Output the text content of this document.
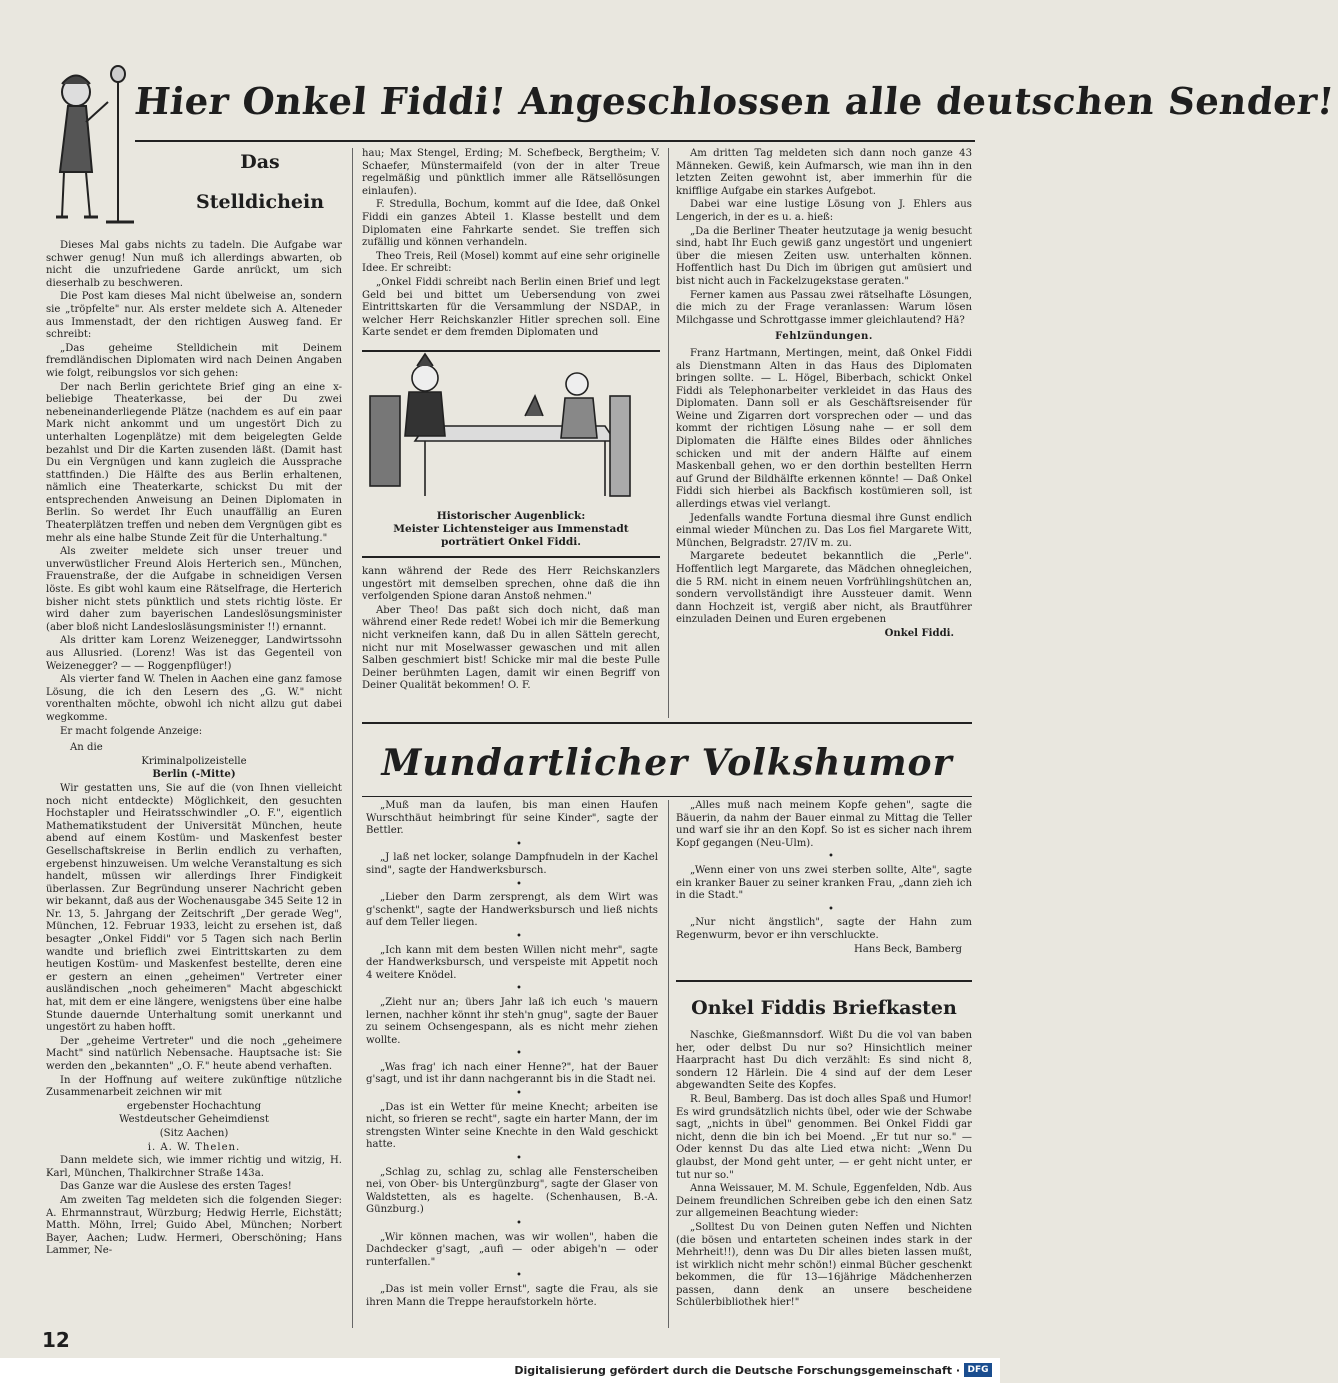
Hier Onkel Fiddi! Angeschlossen alle deutschen Sender!
Das
Stelldichein

Dieses Mal gabs nichts zu tadeln. Die Aufgabe war schwer genug! Nun muß ich allerdings abwarten, ob nicht die unzufriedene Garde anrückt, um sich dieserhalb zu beschweren.

Die Post kam dieses Mal nicht übelweise an, sondern sie „tröpfelte" nur. Als erster meldete sich A. Alteneder aus Immenstadt, der den richtigen Ausweg fand. Er schreibt:

„Das geheime Stelldichein mit Deinem fremdländischen Diplomaten wird nach Deinen Angaben wie folgt, reibungslos vor sich gehen:

Der nach Berlin gerichtete Brief ging an eine x-beliebige Theaterkasse, bei der Du zwei nebeneinanderliegende Plätze (nachdem es auf ein paar Mark nicht ankommt und um ungestört Dich zu unterhalten Logenplätze) mit dem beigelegten Gelde bezahlst und Dir die Karten zusenden läßt. (Damit hast Du ein Vergnügen und kann zugleich die Aussprache stattfinden.) Die Hälfte des aus Berlin erhaltenen, nämlich eine Theaterkarte, schickst Du mit der entsprechenden Anweisung an Deinen Diplomaten in Berlin. So werdet Ihr Euch unauffällig an Euren Theaterplätzen treffen und neben dem Vergnügen gibt es mehr als eine halbe Stunde Zeit für die Unterhaltung."

Als zweiter meldete sich unser treuer und unverwüstlicher Freund Alois Herterich sen., München, Frauenstraße, der die Aufgabe in schneidigen Versen löste. Es gibt wohl kaum eine Rätselfrage, die Herterich bisher nicht stets pünktlich und stets richtig löste. Er wird daher zum bayerischen Landeslösungsminister (aber bloß nicht Landeslosläsungsminister !!) ernannt.

Als dritter kam Lorenz Weizenegger, Landwirtssohn aus Allusried. (Lorenz! Was ist das Gegenteil von Weizenegger? — — Roggenpflüger!)

Als vierter fand W. Thelen in Aachen eine ganz famose Lösung, die ich den Lesern des „G. W." nicht vorenthalten möchte, obwohl ich nicht allzu gut dabei wegkomme.

Er macht folgende Anzeige:

An die

Kriminalpolizeistelle

Berlin (-Mitte)

Wir gestatten uns, Sie auf die (von Ihnen vielleicht noch nicht entdeckte) Möglichkeit, den gesuchten Hochstapler und Heiratsschwindler „O. F.", eigentlich Mathematikstudent der Universität München, heute abend auf einem Kostüm- und Maskenfest bester Gesellschaftskreise in Berlin endlich zu verhaften, ergebenst hinzuweisen. Um welche Veranstaltung es sich handelt, müssen wir allerdings Ihrer Findigkeit überlassen. Zur Begründung unserer Nachricht geben wir bekannt, daß aus der Wochenausgabe 345 Seite 12 in Nr. 13, 5. Jahrgang der Zeitschrift „Der gerade Weg", München, 12. Februar 1933, leicht zu ersehen ist, daß besagter „Onkel Fiddi" vor 5 Tagen sich nach Berlin wandte und brieflich zwei Eintrittskarten zu dem heutigen Kostüm- und Maskenfest bestellte, deren eine er gestern an einen „geheimen" Vertreter einer ausländischen „noch geheimeren" Macht abgeschickt hat, mit dem er eine längere, wenigstens über eine halbe Stunde dauernde Unterhaltung somit unerkannt und ungestört zu haben hofft.

Der „geheime Vertreter" und die noch „geheimere Macht" sind natürlich Nebensache. Hauptsache ist: Sie werden den „bekannten" „O. F." heute abend verhaften.

In der Hoffnung auf weitere zukünftige nützliche Zusammenarbeit zeichnen wir mit

ergebenster Hochachtung

Westdeutscher Geheimdienst

(Sitz Aachen)

i. A. W. Thelen.

Dann meldete sich, wie immer richtig und witzig, H. Karl, München, Thalkirchner Straße 143a.

Das Ganze war die Auslese des ersten Tages!

Am zweiten Tag meldeten sich die folgenden Sieger: A. Ehrmannstraut, Würzburg; Hedwig Herrle, Eichstätt; Matth. Möhn, Irrel; Guido Abel, München; Norbert Bayer, Aachen; Ludw. Hermeri, Oberschöning; Hans Lammer, Ne-

hau; Max Stengel, Erding; M. Schefbeck, Bergtheim; V. Schaefer, Münstermaifeld (von der in alter Treue regelmäßig und pünktlich immer alle Rätsellösungen einlaufen).

F. Stredulla, Bochum, kommt auf die Idee, daß Onkel Fiddi ein ganzes Abteil 1. Klasse bestellt und dem Diplomaten eine Fahrkarte sendet. Sie treffen sich zufällig und können verhandeln.

Theo Treis, Reil (Mosel) kommt auf eine sehr originelle Idee. Er schreibt:

„Onkel Fiddi schreibt nach Berlin einen Brief und legt Geld bei und bittet um Uebersendung von zwei Eintrittskarten für die Versammlung der NSDAP., in welcher Herr Reichskanzler Hitler sprechen soll. Eine Karte sendet er dem fremden Diplomaten und

Historischer Augenblick:
Meister Lichtensteiger aus Immenstadt porträtiert Onkel Fiddi.

kann während der Rede des Herr Reichskanzlers ungestört mit demselben sprechen, ohne daß die ihn verfolgenden Spione daran Anstoß nehmen."

Aber Theo! Das paßt sich doch nicht, daß man während einer Rede redet! Wobei ich mir die Bemerkung nicht verkneifen kann, daß Du in allen Sätteln gerecht, nicht nur mit Moselwasser gewaschen und mit allen Salben geschmiert bist! Schicke mir mal die beste Pulle Deiner berühmten Lagen, damit wir einen Begriff von Deiner Qualität bekommen! O. F.

Am dritten Tag meldeten sich dann noch ganze 43 Männeken. Gewiß, kein Aufmarsch, wie man ihn in den letzten Zeiten gewohnt ist, aber immerhin für die knifflige Aufgabe ein starkes Aufgebot.

Dabei war eine lustige Lösung von J. Ehlers aus Lengerich, in der es u. a. hieß:

„Da die Berliner Theater heutzutage ja wenig besucht sind, habt Ihr Euch gewiß ganz ungestört und ungeniert über die miesen Zeiten usw. unterhalten können. Hoffentlich hast Du Dich im übrigen gut amüsiert und bist nicht auch in Fackelzugekstase geraten."

Ferner kamen aus Passau zwei rätselhafte Lösungen, die mich zu der Frage veranlassen: Warum lösen Milchgasse und Schrottgasse immer gleichlautend? Hä?

Fehlzündungen.

Franz Hartmann, Mertingen, meint, daß Onkel Fiddi als Dienstmann Alten in das Haus des Diplomaten bringen sollte. — L. Högel, Biberbach, schickt Onkel Fiddi als Telephonarbeiter verkleidet in das Haus des Diplomaten. Dann soll er als Geschäftsreisender für Weine und Zigarren dort vorsprechen oder — und das kommt der richtigen Lösung nahe — er soll dem Diplomaten die Hälfte eines Bildes oder ähnliches schicken und mit der andern Hälfte auf einem Maskenball gehen, wo er den dorthin bestellten Herrn auf Grund der Bildhälfte erkennen könnte! — Daß Onkel Fiddi sich hierbei als Backfisch kostümieren soll, ist allerdings etwas viel verlangt.

Jedenfalls wandte Fortuna diesmal ihre Gunst endlich einmal wieder München zu. Das Los fiel Margarete Witt, München, Belgradstr. 27/IV m. zu.

Margarete bedeutet bekanntlich die „Perle". Hoffentlich legt Margarete, das Mädchen ohnegleichen, die 5 RM. nicht in einem neuen Vorfrühlingshütchen an, sondern vervollständigt ihre Aussteuer damit. Wenn dann Hochzeit ist, vergiß aber nicht, als Brautführer einzuladen Deinen und Euren ergebenen

Onkel Fiddi.

Mundartlicher Volkshumor

„Muß man da laufen, bis man einen Haufen Wurschthäut heimbringt für seine Kinder", sagte der Bettler.

•

„J laß net locker, solange Dampfnudeln in der Kachel sind", sagte der Handwerksbursch.

•

„Lieber den Darm zersprengt, als dem Wirt was g'schenkt", sagte der Handwerksbursch und ließ nichts auf dem Teller liegen.

•

„Ich kann mit dem besten Willen nicht mehr", sagte der Handwerksbursch, und verspeiste mit Appetit noch 4 weitere Knödel.

•

„Zieht nur an; übers Jahr laß ich euch 's mauern lernen, nachher könnt ihr steh'n gnug", sagte der Bauer zu seinem Ochsengespann, als es nicht mehr ziehen wollte.

•

„Was frag' ich nach einer Henne?", hat der Bauer g'sagt, und ist ihr dann nachgerannt bis in die Stadt nei.

•

„Das ist ein Wetter für meine Knecht; arbeiten ise nicht, so frieren se recht", sagte ein harter Mann, der im strengsten Winter seine Knechte in den Wald geschickt hatte.

•

„Schlag zu, schlag zu, schlag alle Fensterscheiben nei, von Ober- bis Untergünzburg", sagte der Glaser von Waldstetten, als es hagelte. (Schenhausen, B.-A. Günzburg.)

•

„Wir können machen, was wir wollen", haben die Dachdecker g'sagt, „aufi — oder abigeh'n — oder runterfallen."

•

„Das ist mein voller Ernst", sagte die Frau, als sie ihren Mann die Treppe heraufstorkeln hörte.

„Alles muß nach meinem Kopfe gehen", sagte die Bäuerin, da nahm der Bauer einmal zu Mittag die Teller und warf sie ihr an den Kopf. So ist es sicher nach ihrem Kopf gegangen (Neu-Ulm).

•

„Wenn einer von uns zwei sterben sollte, Alte", sagte ein kranker Bauer zu seiner kranken Frau, „dann zieh ich in die Stadt."

•

„Nur nicht ängstlich", sagte der Hahn zum Regenwurm, bevor er ihn verschluckte.

Hans Beck, Bamberg

Onkel Fiddis Briefkasten

Naschke, Gießmannsdorf. Wißt Du die vol van baben her, oder delbst Du nur so? Hinsichtlich meiner Haarpracht hast Du dich verzählt: Es sind nicht 8, sondern 12 Härlein. Die 4 sind auf der dem Leser abgewandten Seite des Kopfes.

R. Beul, Bamberg. Das ist doch alles Spaß und Humor! Es wird grundsätzlich nichts übel, oder wie der Schwabe sagt, „nichts in übel" genommen. Bei Onkel Fiddi gar nicht, denn die bin ich bei Moend. „Er tut nur so." — Oder kennst Du das alte Lied etwa nicht: „Wenn Du glaubst, der Mond geht unter, — er geht nicht unter, er tut nur so."

Anna Weissauer, M. M. Schule, Eggenfelden, Ndb. Aus Deinem freundlichen Schreiben gebe ich den einen Satz zur allgemeinen Beachtung wieder:

„Solltest Du von Deinen guten Neffen und Nichten (die bösen und entarteten scheinen indes stark in der Mehrheit!!), denn was Du Dir alles bieten lassen mußt, ist wirklich nicht mehr schön!) einmal Bücher geschenkt bekommen, die für 13—16jährige Mädchenherzen passen, dann denk an unsere bescheidene Schülerbibliothek hier!"

12
Digitalisierung gefördert durch die Deutsche Forschungsgemeinschaft · DFG
